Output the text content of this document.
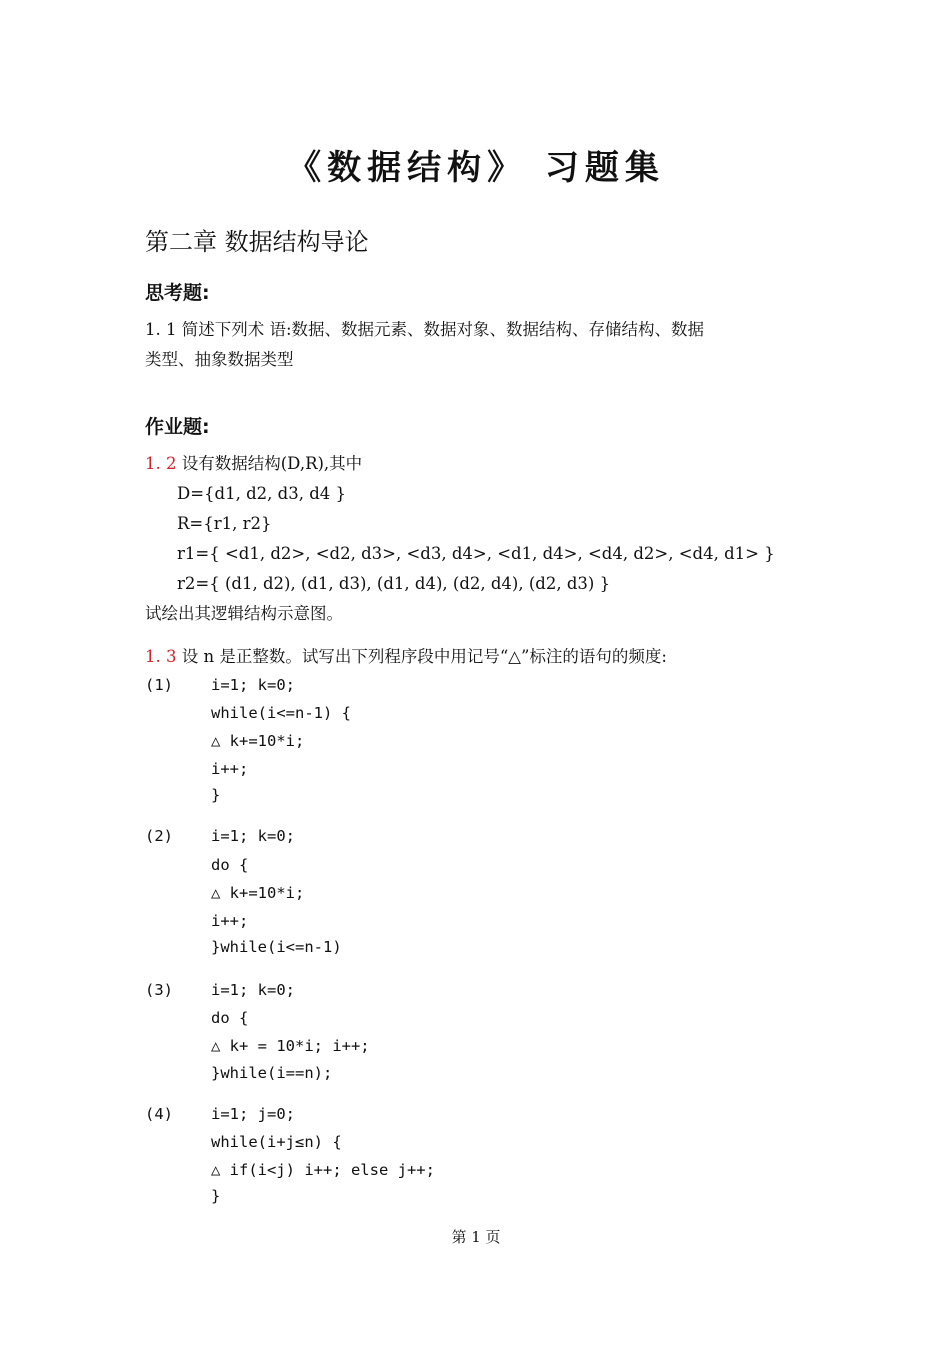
《数据结构》 习题集
第二章 数据结构导论
思考题:
1. 1 简述下列术 语:数据、数据元素、数据对象、数据结构、存储结构、数据
类型、抽象数据类型
作业题:
1. 2 设有数据结构(D,R),其中
D={d1, d2, d3, d4 }
R={r1, r2}
r1={ <d1, d2>, <d2, d3>, <d3, d4>, <d1, d4>, <d4, d2>, <d4, d1> }
r2={ (d1, d2), (d1, d3), (d1, d4), (d2, d4), (d2, d3) }
试绘出其逻辑结构示意图。
1. 3 设 n 是正整数。试写出下列程序段中用记号“△”标注的语句的频度:
(1) i=1; k=0;
while(i<=n-1) {
△ k+=10*i;
i++;
}
(2) i=1; k=0;
do {
△ k+=10*i;
i++;
}while(i<=n-1)
(3) i=1; k=0;
do {
△ k+ = 10*i; i++;
}while(i==n);
(4) i=1; j=0;
while(i+j≤n) {
△ if(i<j) i++; else j++;
}
第 1 页
